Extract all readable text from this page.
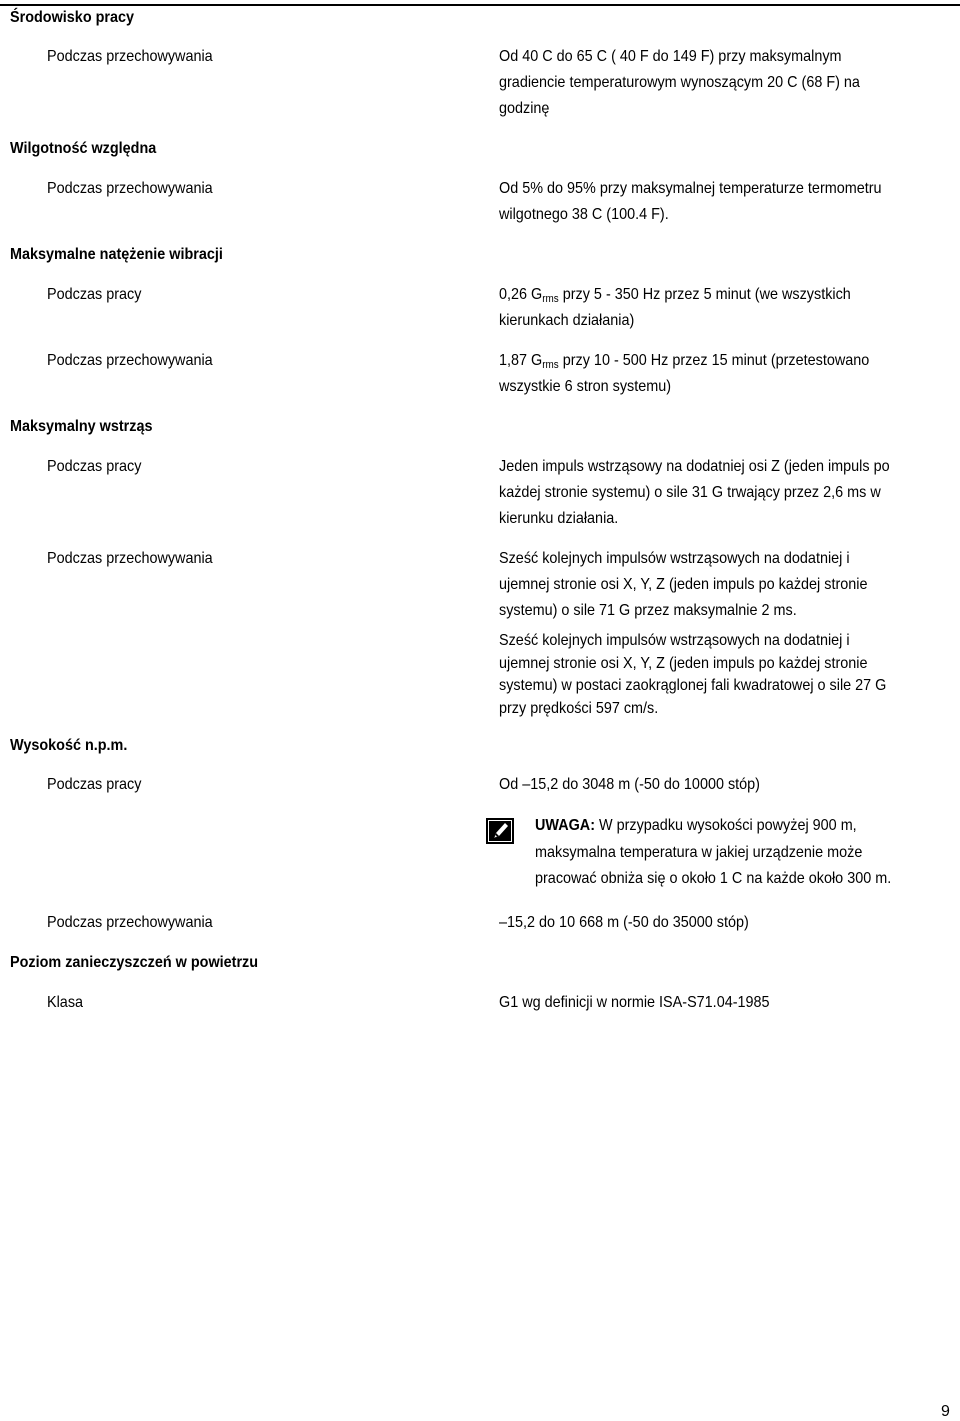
Środowisko pracy
Podczas przechowywania	Od 40 C do 65 C ( 40 F do 149 F) przy maksymalnym

gradiencie temperaturowym wynoszącym 20 C (68 F) na

godzinę

Wilgotność względna
Podczas przechowywania	Od 5% do 95% przy maksymalnej temperaturze termometru

wilgotnego 38 C (100.4 F).

Maksymalne natężenie wibracji
Podczas pracy	0,26 $G_{rms}$ przy 5 - 350 Hz przez 5 minut (we wszystkich

kierunkach działania)

Podczas przechowywania	1,87 $G_{rms}$ przy 10 - 500 Hz przez 15 minut (przetestowano

wszystkie 6 stron systemu)

Maksymalny wstrząs
Podczas pracy	Jeden impuls wstrząsowy na dodatniej osi Z (jeden impuls po

każdej stronie systemu) o sile 31 G trwający przez 2,6 ms w

kierunku działania.

Podczas przechowywania	Sześć kolejnych impulsów wstrząsowych na dodatniej i

ujemnej stronie osi X, Y, Z (jeden impuls po każdej stronie

systemu) o sile 71 G przez maksymalnie 2 ms.

Sześć kolejnych impulsów wstrząsowych na dodatniej i

ujemnej stronie osi X, Y, Z (jeden impuls po każdej stronie

systemu) w postaci zaokrąglonej fali kwadratowej o sile 27 G

przy prędkości 597 cm/s.

Wysokość n.p.m.
Podczas pracy	Od –15,2 do 3048 m (-50 do 10000 stóp)
UWAGA: W przypadku wysokości powyżej 900 m,
maksymalna temperatura w jakiej urządzenie może
pracować obniża się o około 1 C na każde około 300 m.
Podczas przechowywania	–15,2 do 10 668 m (-50 do 35000 stóp)
Poziom zanieczyszczeń w powietrzu
Klasa	G1 wg definicji w normie ISA-S71.04-1985
9
